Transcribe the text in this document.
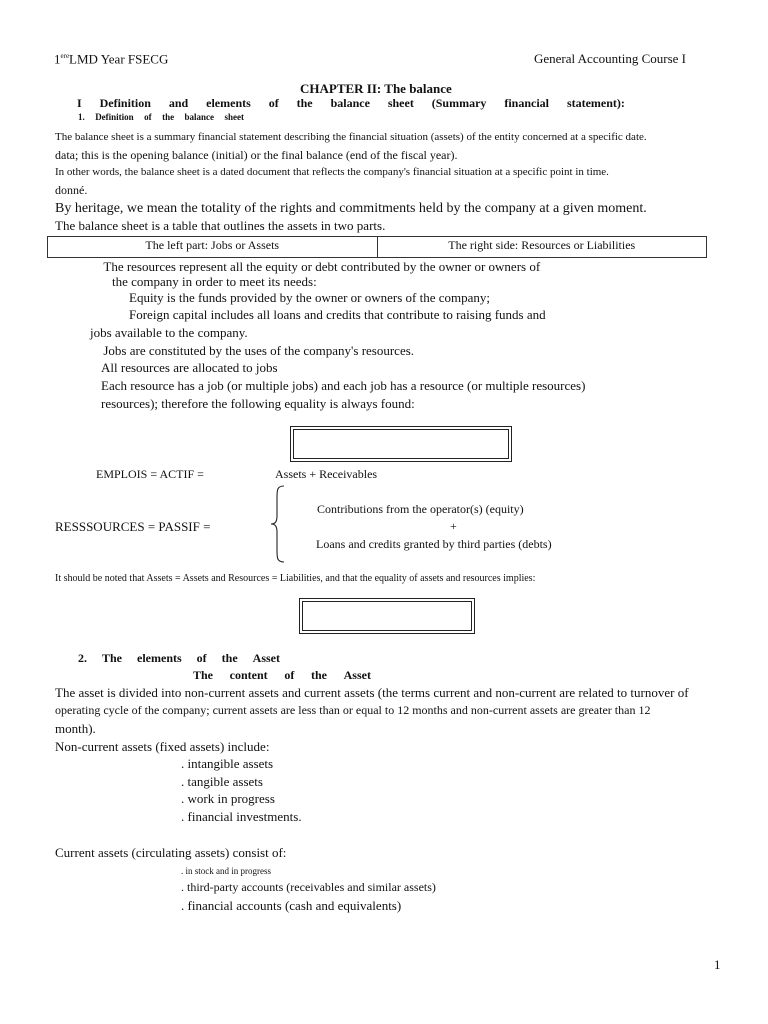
1ereLMD Year FSECG	General Accounting Course I
CHAPTER II: The balance
I Definition and elements of the balance sheet (Summary financial statement):
1. Definition of the balance sheet
The balance sheet is a summary financial statement describing the financial situation (assets) of the entity concerned at a specific date.
data; this is the opening balance (initial) or the final balance (end of the fiscal year).
In other words, the balance sheet is a dated document that reflects the company's financial situation at a specific point in time.
donné.
By heritage, we mean the totality of the rights and commitments held by the company at a given moment.
The balance sheet is a table that outlines the assets in two parts.
The left part: Jobs or Assets	The right side: Resources or Liabilities
The resources represent all the equity or debt contributed by the owner or owners of
the company in order to meet its needs:
Equity is the funds provided by the owner or owners of the company;
Foreign capital includes all loans and credits that contribute to raising funds and
jobs available to the company.
Jobs are constituted by the uses of the company's resources.
All resources are allocated to jobs
Each resource has a job (or multiple jobs) and each job has a resource (or multiple resources)
resources); therefore the following equality is always found:
EMPLOIS = ACTIF =	Assets + Receivables
RESSSOURCES = PASSIF =
Contributions from the operator(s) (equity)
+
Loans and credits granted by third parties (debts)
It should be noted that Assets = Assets and Resources = Liabilities, and that the equality of assets and resources implies:
2. The elements of the Asset
The content of the Asset
The asset is divided into non-current assets and current assets (the terms current and non-current are related to turnover of
operating cycle of the company; current assets are less than or equal to 12 months and non-current assets are greater than 12
month).
Non-current assets (fixed assets) include:
. intangible assets
. tangible assets
. work in progress
. financial investments.
Current assets (circulating assets) consist of:
. in stock and in progress
. third-party accounts (receivables and similar assets)
. financial accounts (cash and equivalents)
1
